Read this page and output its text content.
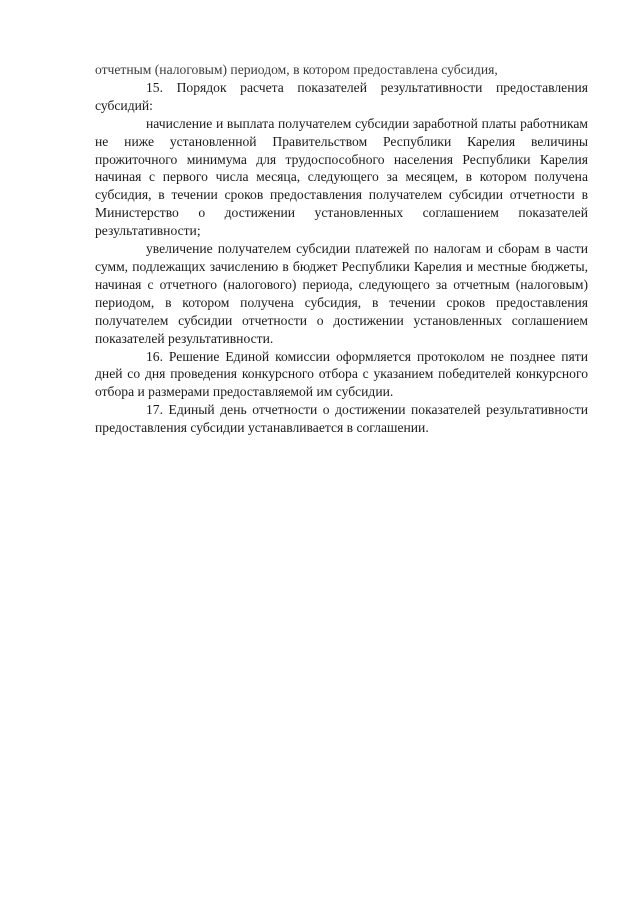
отчетным (налоговым) периодом, в котором предоставлена субсидия,

15. Порядок расчета показателей результативности предоставления субсидий:

начисление и выплата получателем субсидии заработной платы работникам не ниже установленной Правительством Республики Карелия величины прожиточного минимума для трудоспособного населения Республики Карелия начиная с первого числа месяца, следующего за месяцем, в котором получена субсидия, в течении сроков предоставления получателем субсидии отчетности в Министерство о достижении установленных соглашением показателей результативности;

увеличение получателем субсидии платежей по налогам и сборам в части сумм, подлежащих зачислению в бюджет Республики Карелия и местные бюджеты, начиная с отчетного (налогового) периода, следующего за отчетным (налоговым) периодом, в котором получена субсидия, в течении сроков предоставления получателем субсидии отчетности о достижении установленных соглашением показателей результативности.

16. Решение Единой комиссии оформляется протоколом не позднее пяти дней со дня проведения конкурсного отбора с указанием победителей конкурсного отбора и размерами предоставляемой им субсидии.

17. Единый день отчетности о достижении показателей результативности предоставления субсидии устанавливается в соглашении.
